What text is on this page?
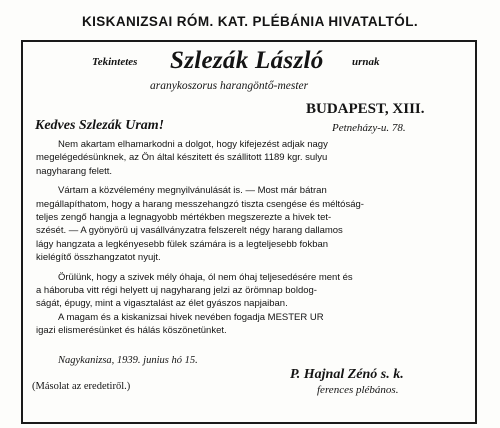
KISKANIZSAI RÓM. KAT. PLÉBÁNIA HIVATALTÓL.
Tekintetes Szlezák László	urnak
aranykoszorus harangöntő-mester
BUDAPEST, XIII.
Petneházy-u. 78.
Kedves Szlezák Uram!
Nem akartam elhamarkodni a dolgot, hogy kifejezést adjak nagy
megelégedésünknek, az Ön által készitett és szállitott 1189 kgr. sulyu
nagyharang felett.
Vártam a közvélemény megnyilvánulását is. — Most már bátran
megállapíthatom, hogy a harang messzehangzó tiszta csengése és méltóság-
teljes zengő hangja a legnagyobb mértékben megszerezte a hivek tet-
szését. — A gyönyörü uj vasállványzatra felszerelt négy harang dallamos
lágy hangzata a legkényesebb fülek számára is a legteljesebb fokban
kielégítő összhangzatot nyujt.
Örülünk, hogy a szivek mély óhaja, ól nem óhaj teljesedésére ment és
a háboruba vitt régi helyett uj nagyharang jelzi az örömnap boldog-
ságát, épugy, mint a vigasztalást az élet gyászos napjaiban.
A magam és a kiskanizsai hivek nevében fogadja MESTER UR
igazi elismerésünket és hálás köszönetünket.
Nagykanizsa, 1939. junius hó 15.
P. Hajnal Zénó s. k.
ferences plébános.
(Másolat az eredetiről.)
